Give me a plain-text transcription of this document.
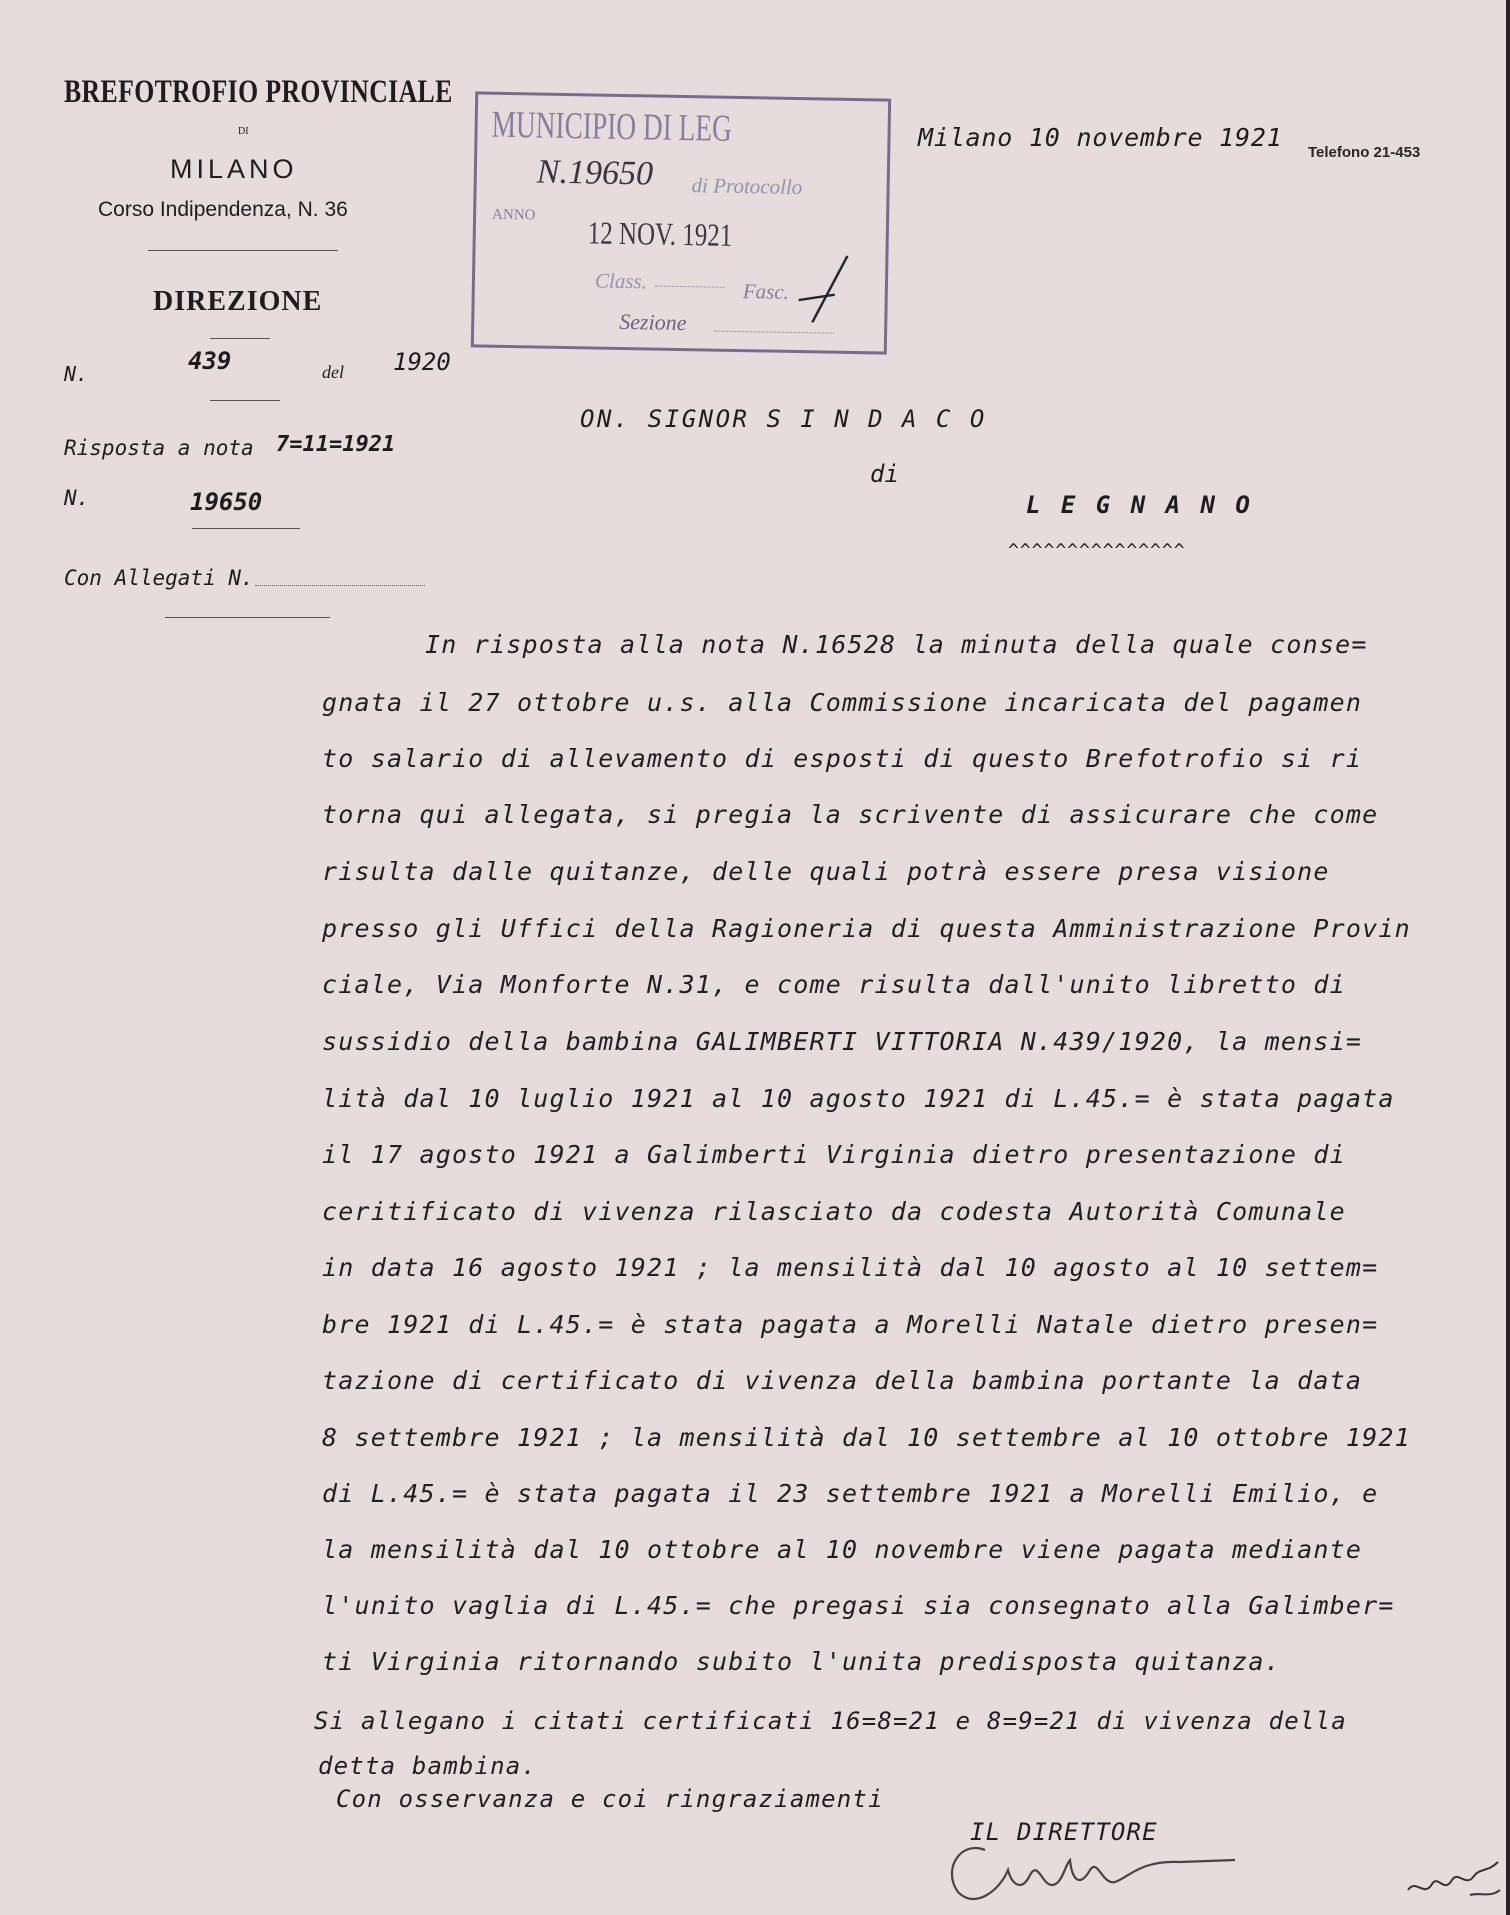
BREFOTROFIO PROVINCIALE
DI
MILANO
Corso Indipendenza, N. 36
DIREZIONE
N.	439	del 1920
Risposta a nota 7=11=1921
N.	19650
Con Allegati N.
MUNICIPIO DI LEG
N.19650 di Protocollo
ANNO 12 NOV. 1921
Class.	Fasc.
Sezione
Milano 10 novembre 1921
Telefono 21-453
ON. SIGNOR S I N D A C O
di
L E G N A N O
^^^^^^^^^^^^^^^
In risposta alla nota N.16528 la minuta della quale conse=
gnata il 27 ottobre u.s. alla Commissione incaricata del pagamen
to salario di allevamento di esposti di questo Brefotrofio si ri
torna qui allegata, si pregia la scrivente di assicurare che come
risulta dalle quitanze, delle quali potrà essere presa visione
presso gli Uffici della Ragioneria di questa Amministrazione Provin
ciale, Via Monforte N.31, e come risulta dall'unito libretto di
sussidio della bambina GALIMBERTI VITTORIA N.439/1920, la mensi=
lità dal 10 luglio 1921 al 10 agosto 1921 di L.45.= è stata pagata
il 17 agosto 1921 a Galimberti Virginia dietro presentazione di
ceritificato di vivenza rilasciato da codesta Autorità Comunale
in data 16 agosto 1921 ; la mensilità dal 10 agosto al 10 settem=
bre 1921 di L.45.= è stata pagata a Morelli Natale dietro presen=
tazione di certificato di vivenza della bambina portante la data
8 settembre 1921 ; la mensilità dal 10 settembre al 10 ottobre 1921
di L.45.= è stata pagata il 23 settembre 1921 a Morelli Emilio, e
la mensilità dal 10 ottobre al 10 novembre viene pagata mediante
l'unito vaglia di L.45.= che pregasi sia consegnato alla Galimber=
ti Virginia ritornando subito l'unita predisposta quitanza.
Si allegano i citati certificati 16=8=21 e 8=9=21 di vivenza della
detta bambina.
Con osservanza e coi ringraziamenti
IL DIRETTORE
